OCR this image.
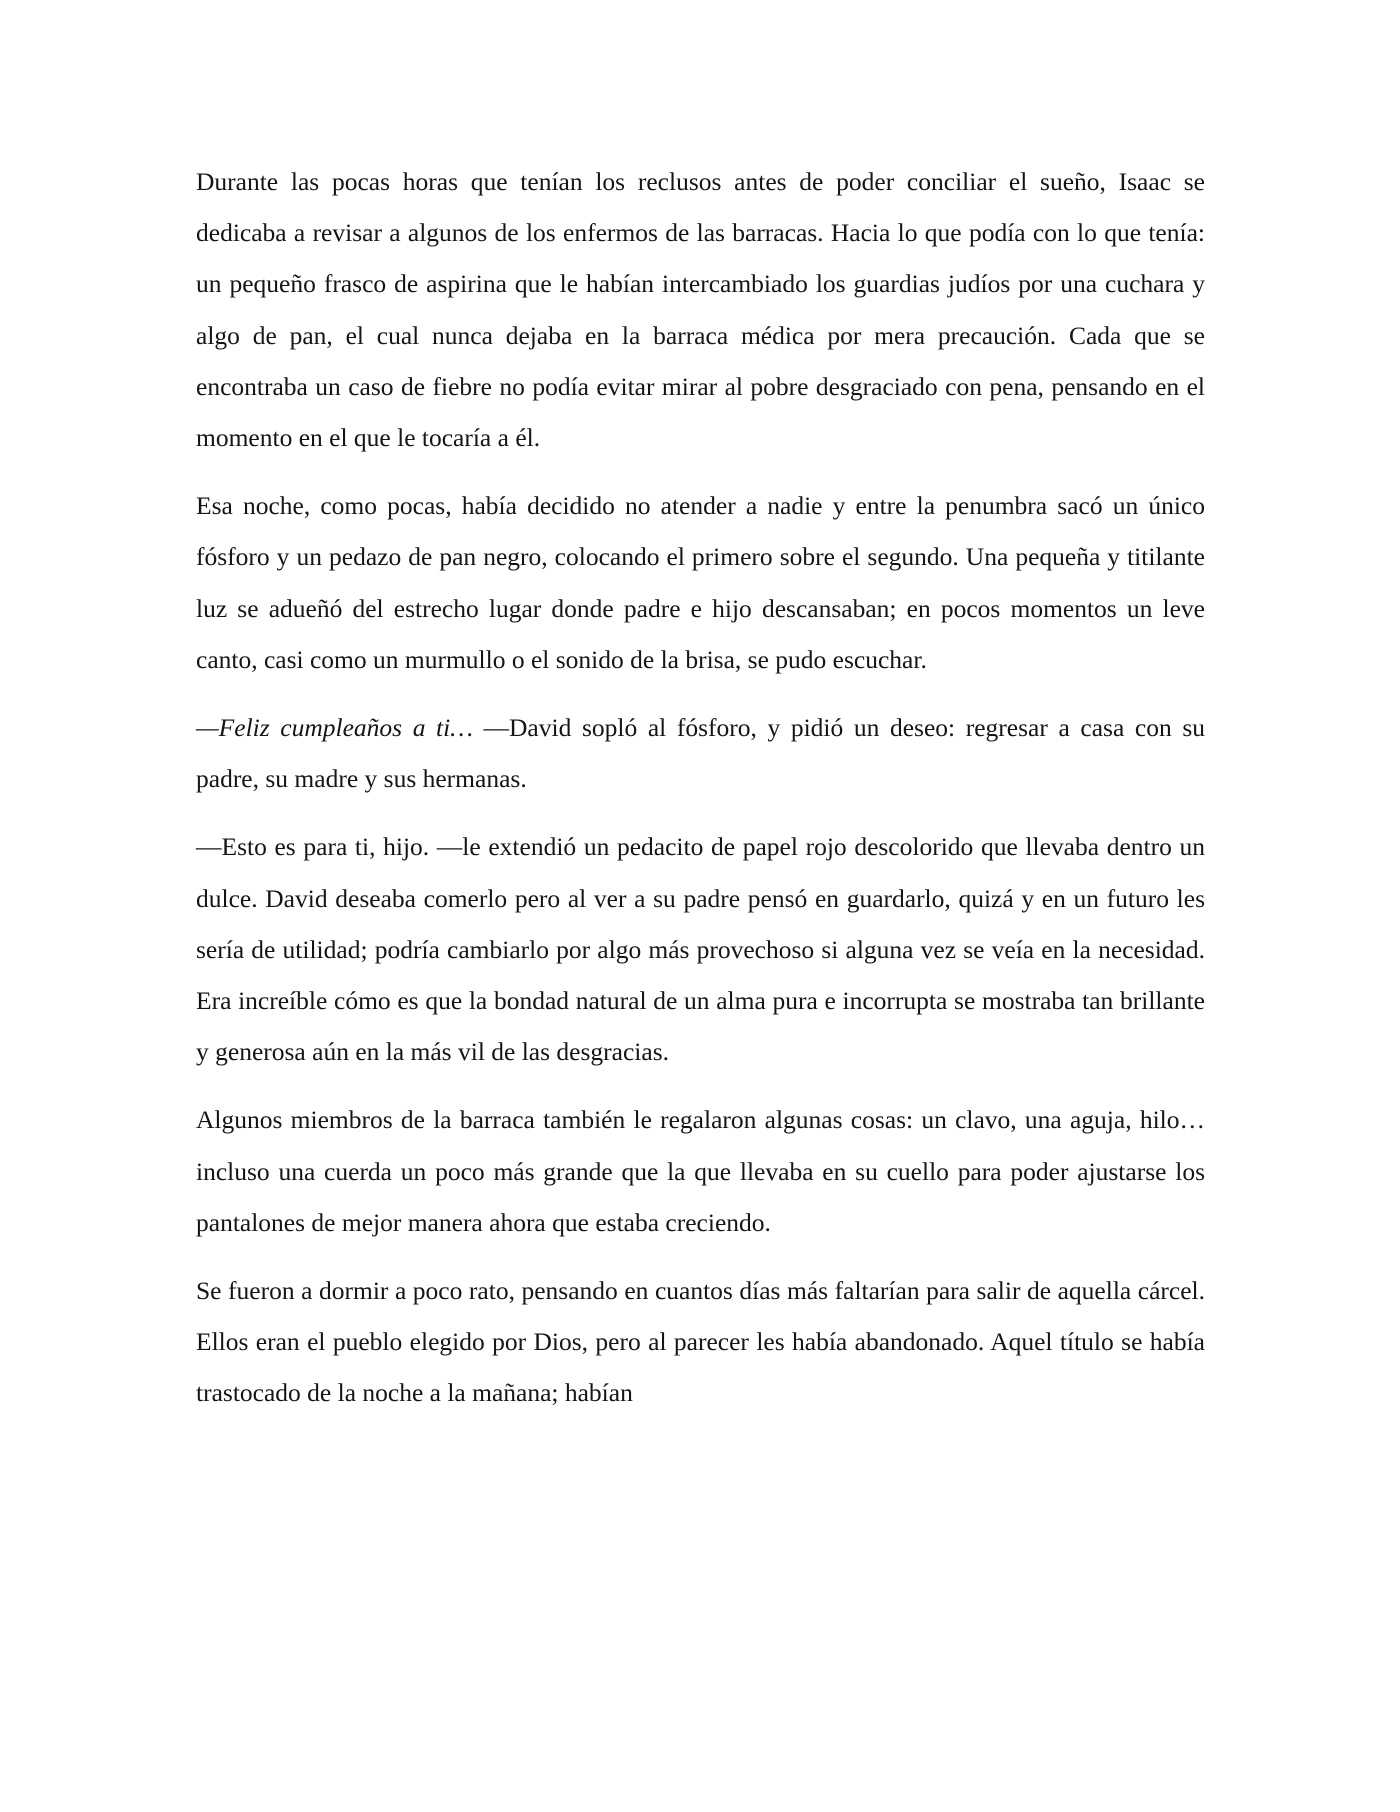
Durante las pocas horas que tenían los reclusos antes de poder conciliar el sueño, Isaac se dedicaba a revisar a algunos de los enfermos de las barracas. Hacia lo que podía con lo que tenía: un pequeño frasco de aspirina que le habían intercambiado los guardias judíos por una cuchara y algo de pan, el cual nunca dejaba en la barraca médica por mera precaución. Cada que se encontraba un caso de fiebre no podía evitar mirar al pobre desgraciado con pena, pensando en el momento en el que le tocaría a él.

Esa noche, como pocas, había decidido no atender a nadie y entre la penumbra sacó un único fósforo y un pedazo de pan negro, colocando el primero sobre el segundo. Una pequeña y titilante luz se adueñó del estrecho lugar donde padre e hijo descansaban; en pocos momentos un leve canto, casi como un murmullo o el sonido de la brisa, se pudo escuchar.

—Feliz cumpleaños a ti… —David sopló al fósforo, y pidió un deseo: regresar a casa con su padre, su madre y sus hermanas.

—Esto es para ti, hijo. —le extendió un pedacito de papel rojo descolorido que llevaba dentro un dulce. David deseaba comerlo pero al ver a su padre pensó en guardarlo, quizá y en un futuro les sería de utilidad; podría cambiarlo por algo más provechoso si alguna vez se veía en la necesidad. Era increíble cómo es que la bondad natural de un alma pura e incorrupta se mostraba tan brillante y generosa aún en la más vil de las desgracias.

Algunos miembros de la barraca también le regalaron algunas cosas: un clavo, una aguja, hilo… incluso una cuerda un poco más grande que la que llevaba en su cuello para poder ajustarse los pantalones de mejor manera ahora que estaba creciendo.

Se fueron a dormir a poco rato, pensando en cuantos días más faltarían para salir de aquella cárcel. Ellos eran el pueblo elegido por Dios, pero al parecer les había abandonado. Aquel título se había trastocado de la noche a la mañana; habían
